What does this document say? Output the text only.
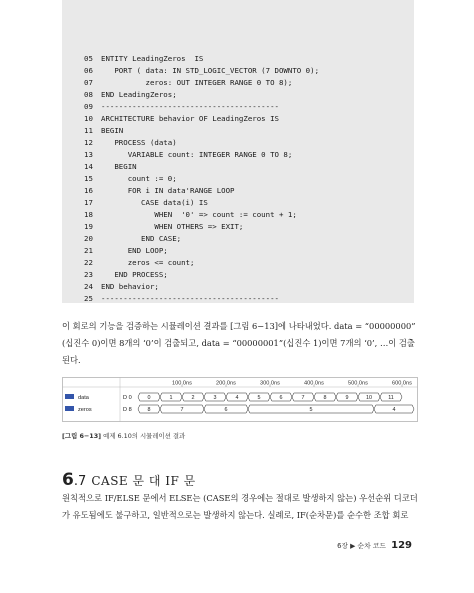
05 ENTITY LeadingZeros  IS
06   PORT ( data: IN STD_LOGIC_VECTOR (7 DOWNTO 0);
07          zeros: OUT INTEGER RANGE 0 TO 8);
08 END LeadingZeros;
09 ----------------------------------------
10 ARCHITECTURE behavior OF LeadingZeros IS
11 BEGIN
12   PROCESS (data)
13      VARIABLE count: INTEGER RANGE 0 TO 8;
14   BEGIN
15      count := 0;
16      FOR i IN data'RANGE LOOP
17         CASE data(i) IS
18            WHEN  '0' => count := count + 1;
19            WHEN OTHERS => EXIT;
20         END CASE;
21      END LOOP;
22      zeros <= count;
23   END PROCESS;
24 END behavior;
25 ----------------------------------------

이 회로의 기능을 검증하는 시뮬레이션 결과를 [그림 6−13]에 나타내었다. data = “00000000”

(십진수 0)이면 8개의 ‘0’이 검출되고, data = “00000001”(십진수 1)이면 7개의 ‘0’, …이 검출

된다.

100.0ns	200.0ns	300.0ns	400.0ns	500.0ns	600.0ns
data	D 0	0	1	2	3	4	5	6	7	8	9	10	11
zeros	D 8	8	7	6	5	4
[그림 6−13] 예제 6.10의 시뮬레이션 결과
6.7 CASE 문 대 IF 문

원칙적으로 IF/ELSE 문에서 ELSE는 (CASE의 경우에는 절대로 발생하지 않는) 우선순위 디코더

가 유도됨에도 불구하고, 일반적으로는 발생하지 않는다. 실례로, IF(순차문)를 순수한 조합 회로

6장 ▶ 순차 코드 129
